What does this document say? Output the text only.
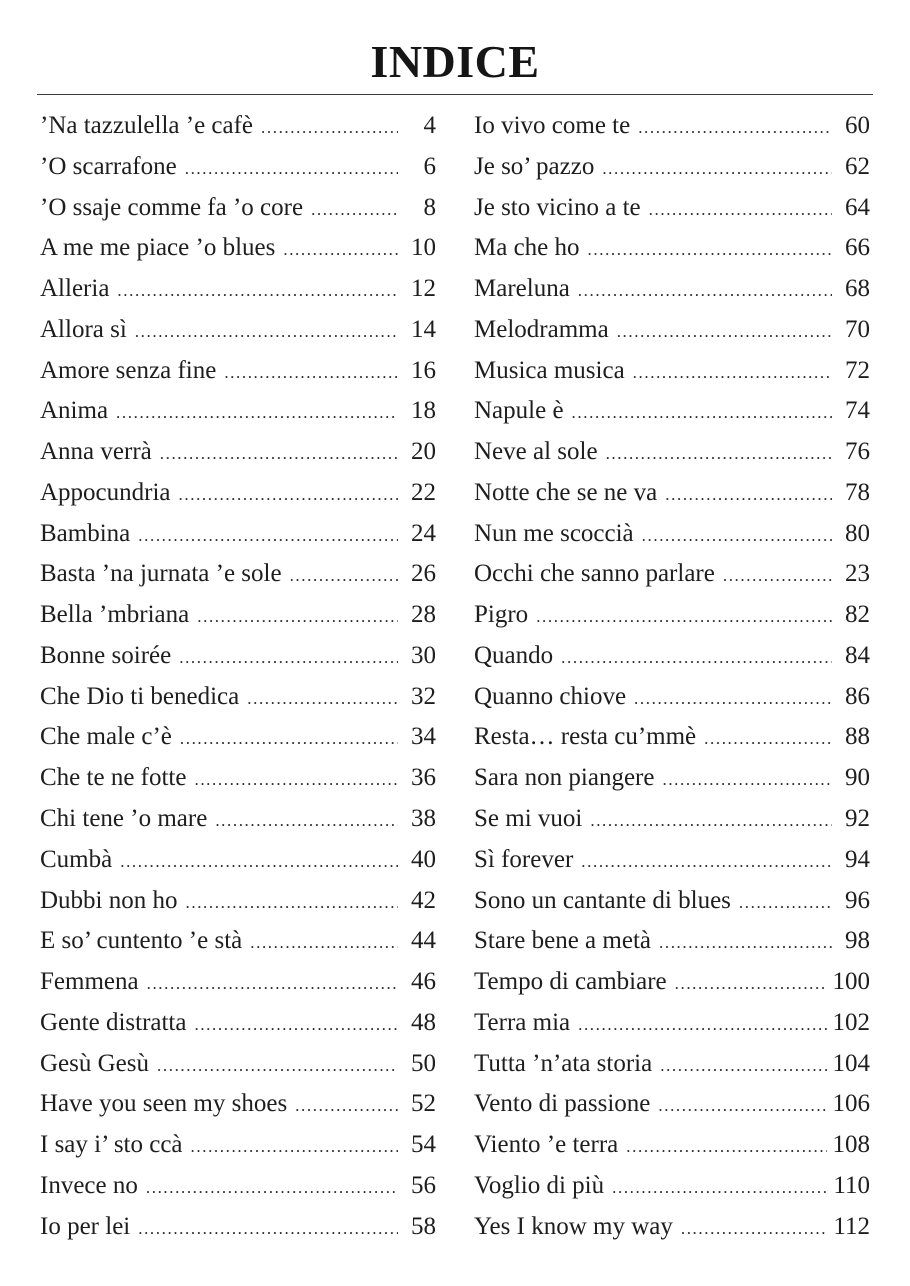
INDICE
’Na tazzulella ’e cafè .....	4
’O scarrafone .....	6
’O ssaje comme fa ’o core .....	8
A me me piace ’o blues .....	10
Alleria .....	12
Allora sì .....	14
Amore senza fine .....	16
Anima .....	18
Anna verrà .....	20
Appocundria .....	22
Bambina .....	24
Basta ’na jurnata ’e sole .....	26
Bella ’mbriana .....	28
Bonne soirée .....	30
Che Dio ti benedica .....	32
Che male c’è .....	34
Che te ne fotte .....	36
Chi tene ’o mare .....	38
Cumbà .....	40
Dubbi non ho .....	42
E so’ cuntento ’e stà .....	44
Femmena .....	46
Gente distratta .....	48
Gesù Gesù .....	50
Have you seen my shoes .....	52
I say i’ sto ccà .....	54
Invece no .....	56
Io per lei .....	58
Io vivo come te .....	60
Je so’ pazzo .....	62
Je sto vicino a te .....	64
Ma che ho .....	66
Mareluna .....	68
Melodramma .....	70
Musica musica .....	72
Napule è .....	74
Neve al sole .....	76
Notte che se ne va .....	78
Nun me scoccià .....	80
Occhi che sanno parlare .....	23
Pigro .....	82
Quando .....	84
Quanno chiove .....	86
Resta… resta cu’mmè .....	88
Sara non piangere .....	90
Se mi vuoi .....	92
Sì forever .....	94
Sono un cantante di blues .....	96
Stare bene a metà .....	98
Tempo di cambiare .....	100
Terra mia .....	102
Tutta ’n’ata storia .....	104
Vento di passione .....	106
Viento ’e terra .....	108
Voglio di più .....	110
Yes I know my way .....	112
